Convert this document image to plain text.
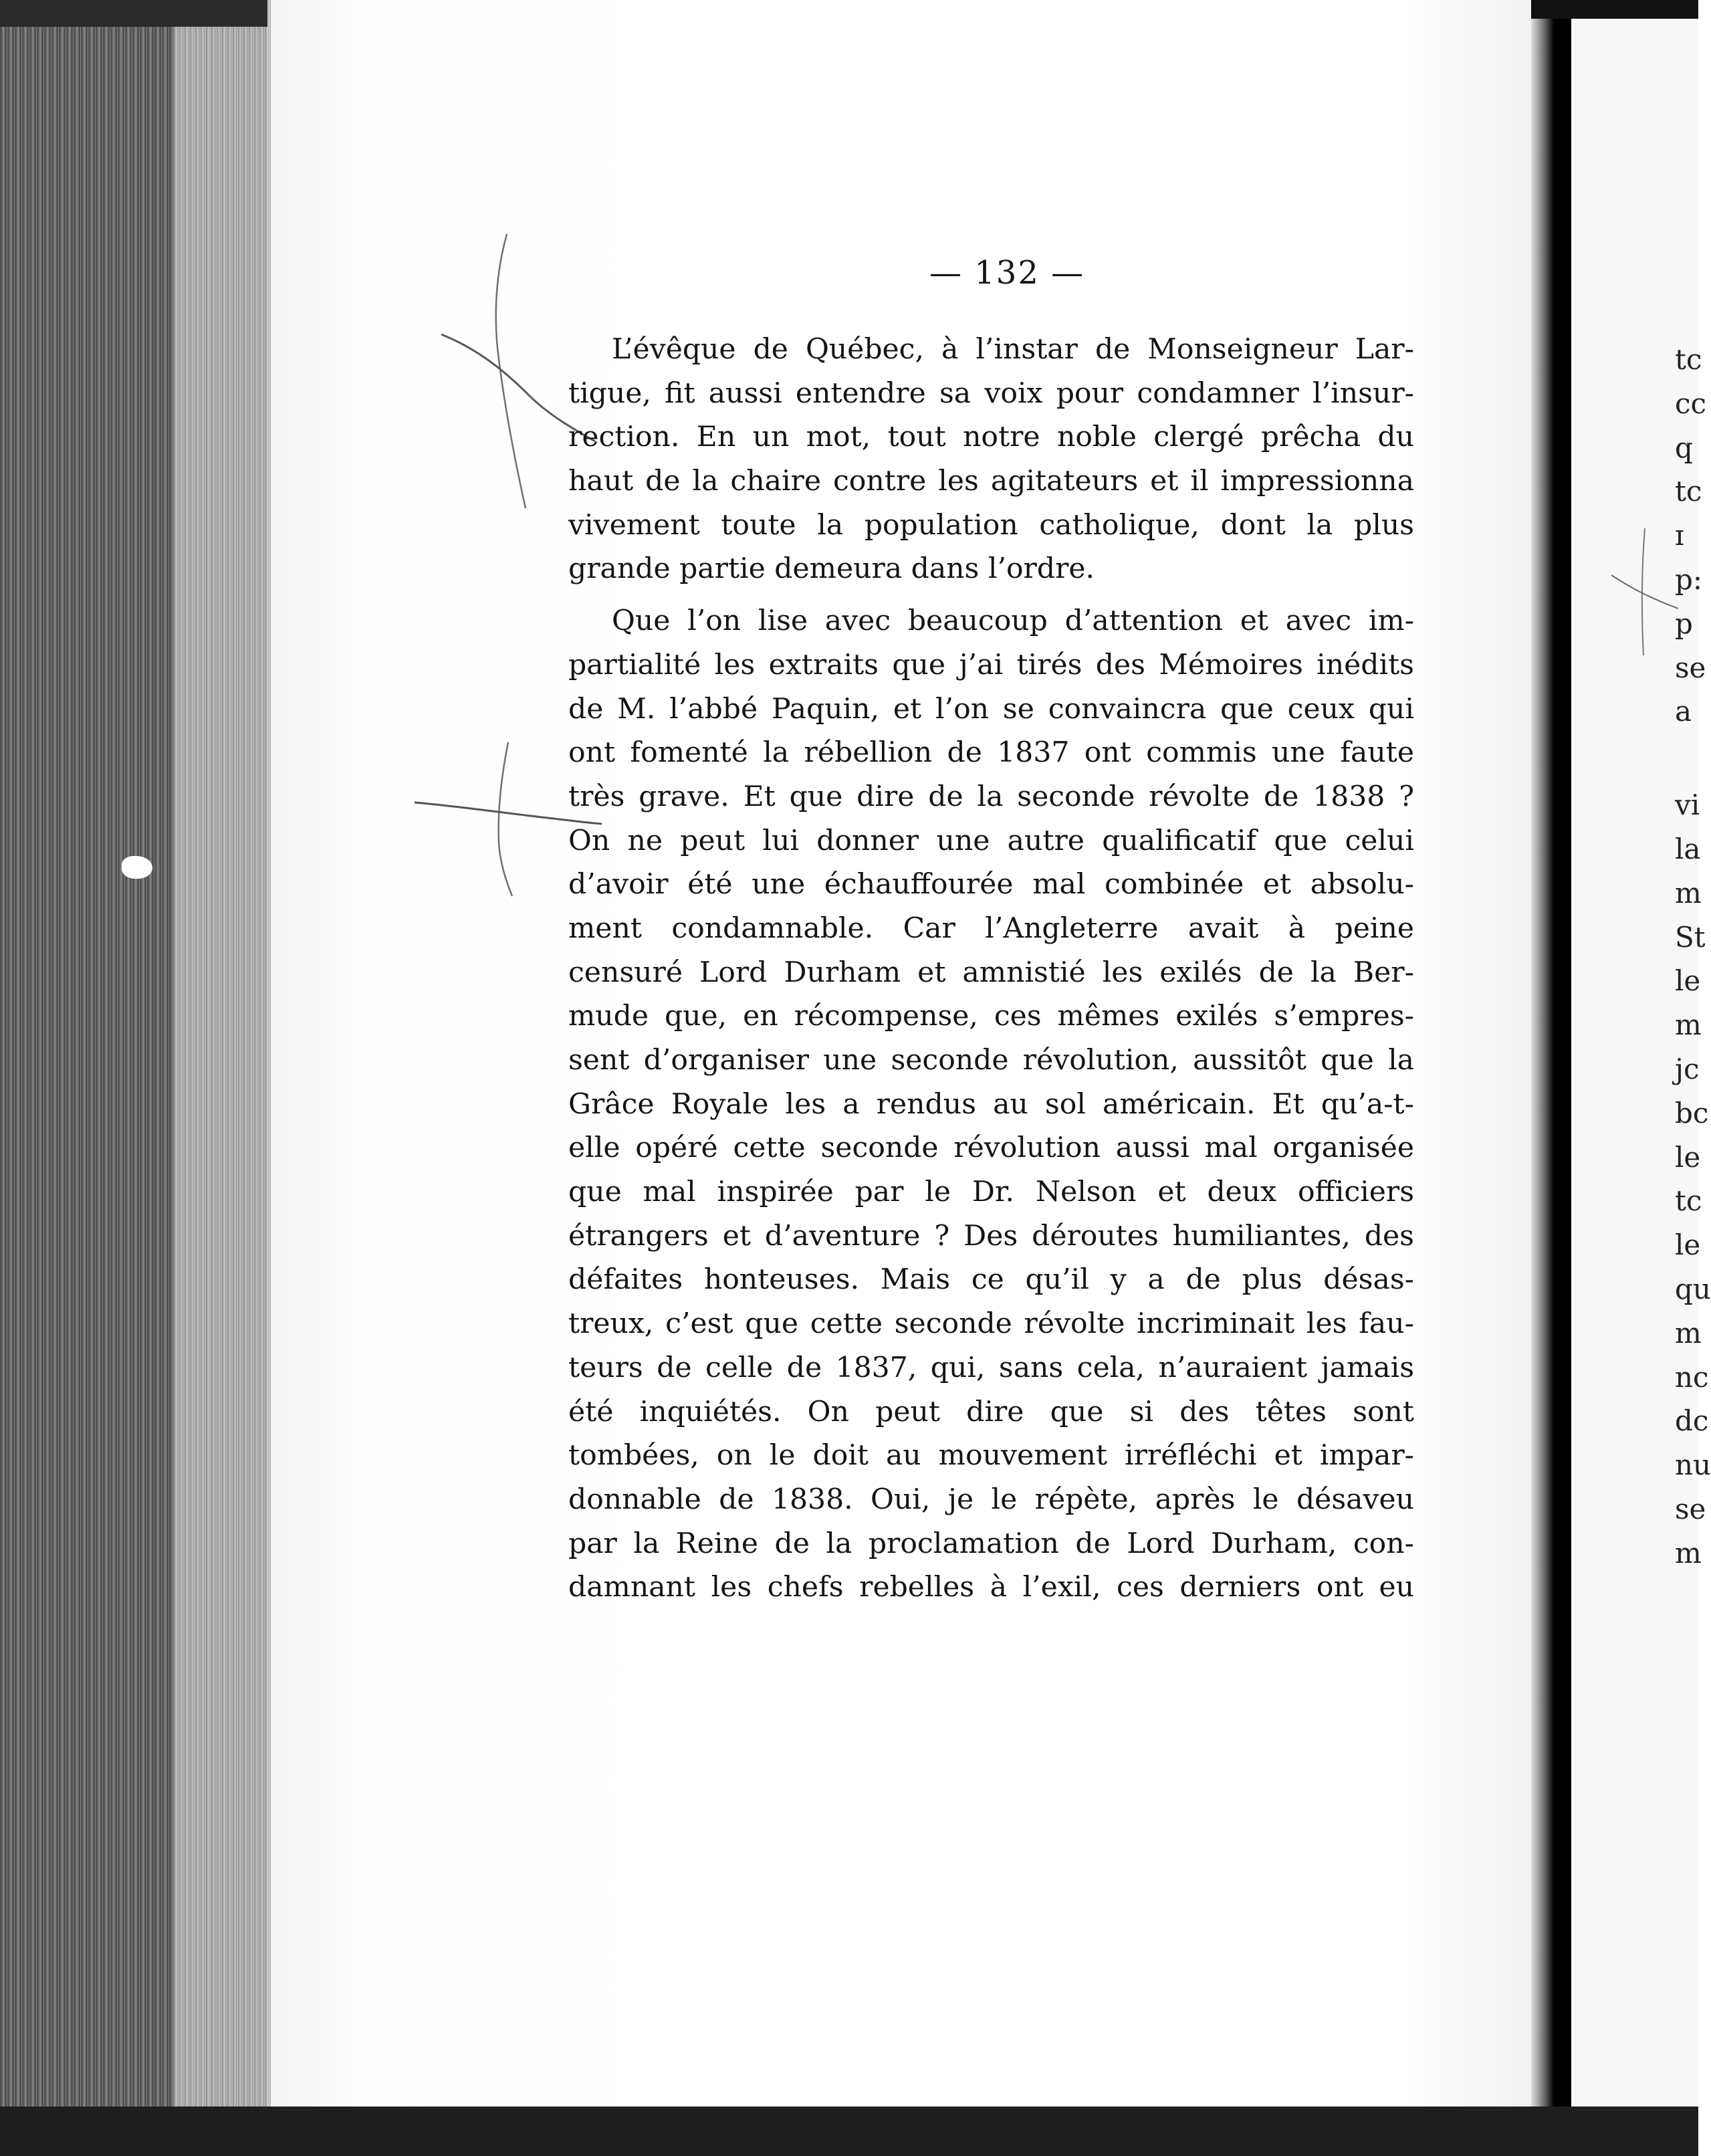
— 132 —
L’évêque de Québec, à l’instar de Monseigneur Lar-
tigue, fit aussi entendre sa voix pour condamner l’insur-
rection. En un mot, tout notre noble clergé prêcha du
haut de la chaire contre les agitateurs et il impressionna
vivement toute la population catholique, dont la plus
grande partie demeura dans l’ordre.
Que l’on lise avec beaucoup d’attention et avec im-
partialité les extraits que j’ai tirés des Mémoires inédits
de M. l’abbé Paquin, et l’on se convaincra que ceux qui
ont fomenté la rébellion de 1837 ont commis une faute
très grave. Et que dire de la seconde révolte de 1838 ?
On ne peut lui donner une autre qualificatif que celui
d’avoir été une échauffourée mal combinée et absolu-
ment condamnable. Car l’Angleterre avait à peine
censuré Lord Durham et amnistié les exilés de la Ber-
mude que, en récompense, ces mêmes exilés s’empres-
sent d’organiser une seconde révolution, aussitôt que la
Grâce Royale les a rendus au sol américain. Et qu’a-t-
elle opéré cette seconde révolution aussi mal organisée
que mal inspirée par le Dr. Nelson et deux officiers
étrangers et d’aventure ? Des déroutes humiliantes, des
défaites honteuses. Mais ce qu’il y a de plus désas-
treux, c’est que cette seconde révolte incriminait les fau-
teurs de celle de 1837, qui, sans cela, n’auraient jamais
été inquiétés. On peut dire que si des têtes sont
tombées, on le doit au mouvement irréfléchi et impar-
donnable de 1838. Oui, je le répète, après le désaveu
par la Reine de la proclamation de Lord Durham, con-
damnant les chefs rebelles à l’exil, ces derniers ont eu
tc
cc
q
tc
ɪ
p:
p
se
a
vi
la
m
St
le
m
jc
bc
le
tc
le
qu
m
nc
dc
nu
se
m
